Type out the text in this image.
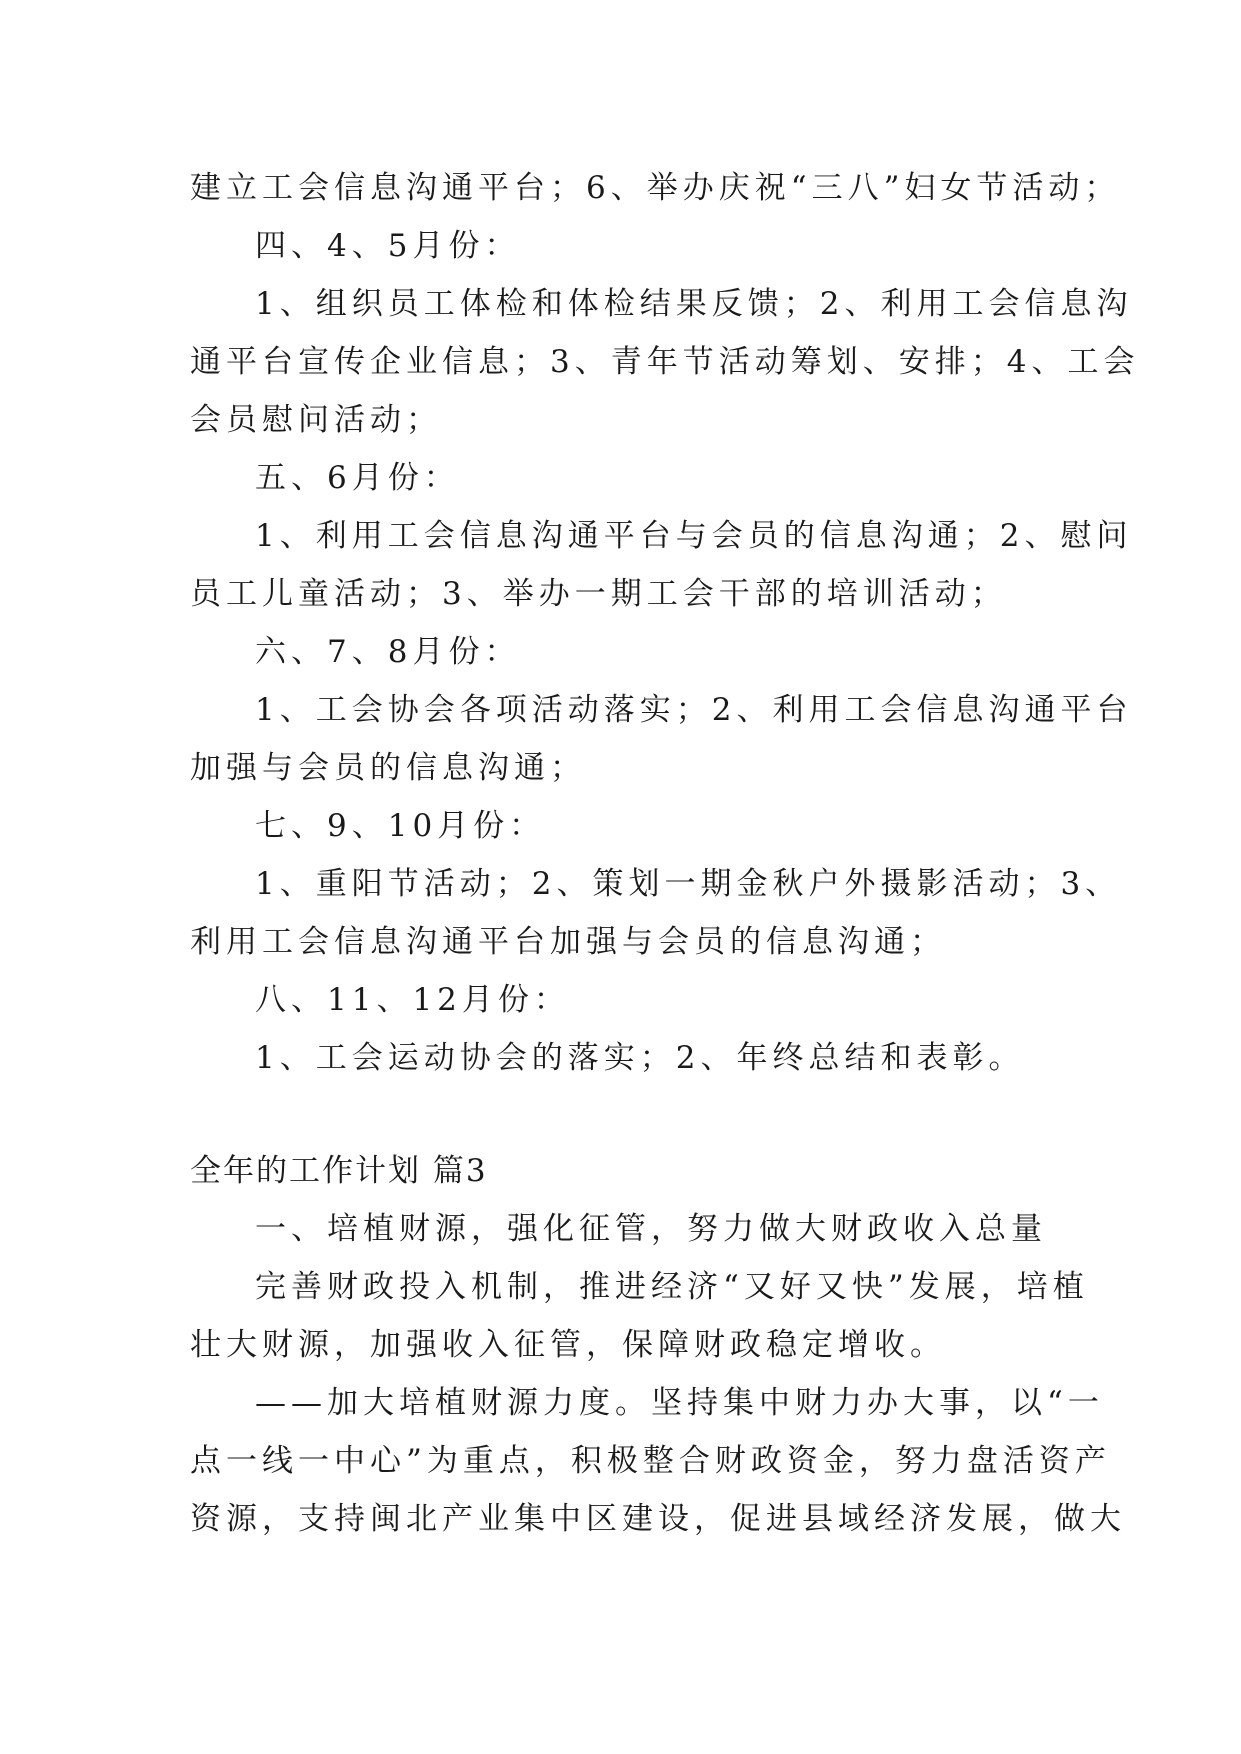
建立工会信息沟通平台；6、举办庆祝“三八”妇女节活动；
四、4、5月份：
1、组织员工体检和体检结果反馈；2、利用工会信息沟
通平台宣传企业信息；3、青年节活动筹划、安排；4、工会
会员慰问活动；
五、6月份：
1、利用工会信息沟通平台与会员的信息沟通；2、慰问
员工儿童活动；3、举办一期工会干部的培训活动；
六、7、8月份：
1、工会协会各项活动落实；2、利用工会信息沟通平台
加强与会员的信息沟通；
七、9、10月份：
1、重阳节活动；2、策划一期金秋户外摄影活动；3、
利用工会信息沟通平台加强与会员的信息沟通；
八、11、12月份：
1、工会运动协会的落实；2、年终总结和表彰。
全年的工作计划 篇3
一、培植财源，强化征管，努力做大财政收入总量
完善财政投入机制，推进经济“又好又快”发展，培植
壮大财源，加强收入征管，保障财政稳定增收。
——加大培植财源力度。坚持集中财力办大事，以“一
点一线一中心”为重点，积极整合财政资金，努力盘活资产
资源，支持闽北产业集中区建设，促进县域经济发展，做大
